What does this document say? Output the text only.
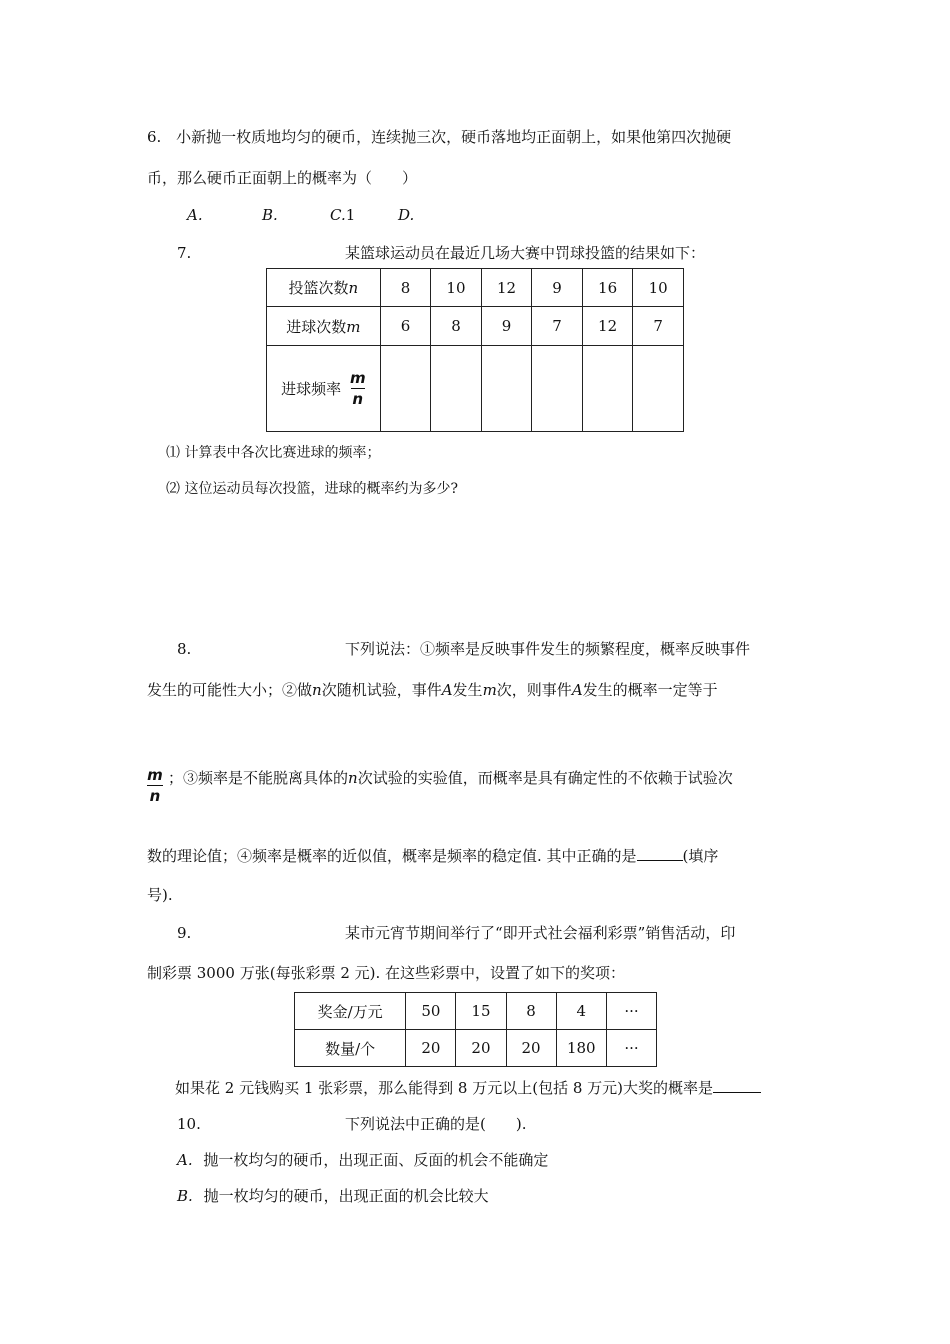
6. 小新抛一枚质地均匀的硬币，连续抛三次，硬币落地均正面朝上，如果他第四次抛硬
币，那么硬币正面朝上的概率为（　　）
A.	B.	C.1	D.
7.	某篮球运动员在最近几场大赛中罚球投篮的结果如下：
投篮次数n	8	10	12	9	16	10
进球次数m	6	8	9	7	12	7
进球频率 $\frac{m}{n}$

⑴ 计算表中各次比赛进球的频率；
⑵ 这位运动员每次投篮，进球的概率约为多少?
8.	下列说法：①频率是反映事件发生的频繁程度，概率反映事件
发生的可能性大小；②做n次随机试验，事件A发生m次，则事件A发生的概率一定等于
m
n
；③频率是不能脱离具体的n次试验的实验值，而概率是具有确定性的不依赖于试验次
数的理论值；④频率是概率的近似值，概率是频率的稳定值. 其中正确的是	(填序
号).
9.	某市元宵节期间举行了“即开式社会福利彩票”销售活动，印
制彩票 3000 万张(每张彩票 2 元). 在这些彩票中，设置了如下的奖项：
奖金/万元	50	15	8	4	···
数量/个	20	20	20	180	···
如果花 2 元钱购买 1 张彩票，那么能得到 8 万元以上(包括 8 万元)大奖的概率是
10.	下列说法中正确的是(　　).
A. 抛一枚均匀的硬币，出现正面、反面的机会不能确定
B. 抛一枚均匀的硬币，出现正面的机会比较大
